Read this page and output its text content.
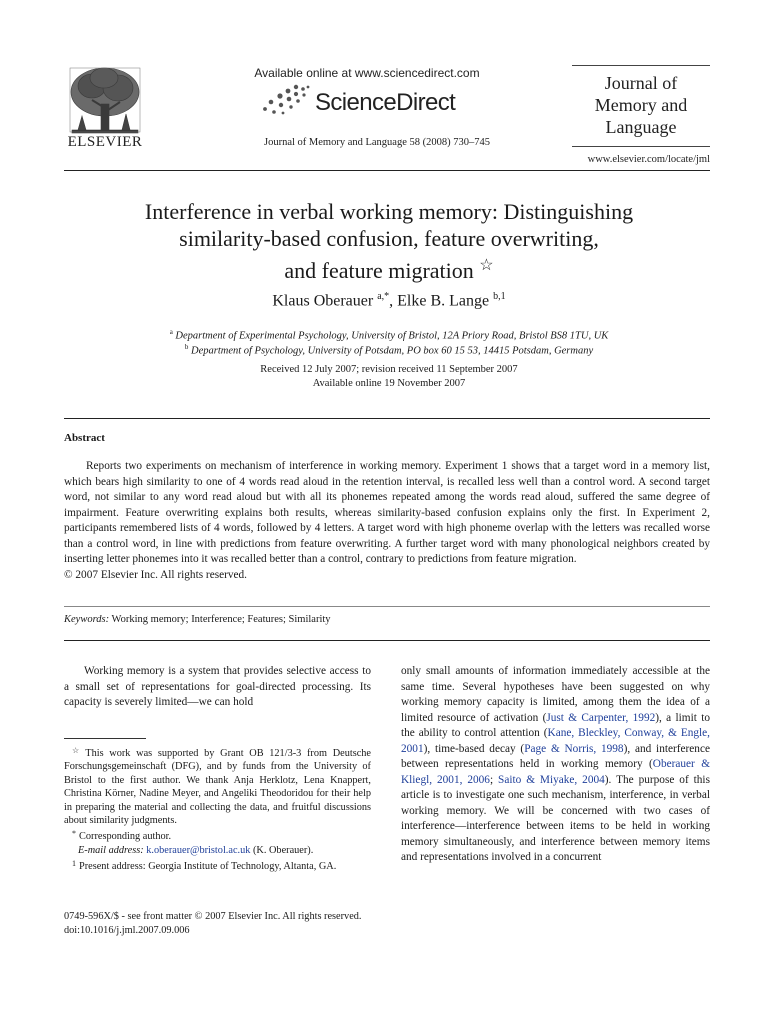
ELSEVIER
Available online at www.sciencedirect.com
ScienceDirect
Journal of Memory and Language 58 (2008) 730–745
Journal of
Memory and
Language
www.elsevier.com/locate/jml
Interference in verbal working memory: Distinguishing
similarity-based confusion, feature overwriting,
and feature migration ☆
Klaus Oberauer $^{a,*}$, Elke B. Lange $^{b,1}$
$^a$ Department of Experimental Psychology, University of Bristol, 12A Priory Road, Bristol BS8 1TU, UK
$^b$ Department of Psychology, University of Potsdam, PO box 60 15 53, 14415 Potsdam, Germany
Received 12 July 2007; revision received 11 September 2007
Available online 19 November 2007
Abstract

Reports two experiments on mechanism of interference in working memory. Experiment 1 shows that a target word in a memory list, which bears high similarity to one of 4 words read aloud in the retention interval, is recalled less well than a control word. A second target word, not similar to any word read aloud but with all its phonemes repeated among the words read aloud, suffered the same degree of impairment. Feature overwriting explains both results, whereas similarity-based confusion explains only the first. In Experiment 2, participants remembered lists of 4 words, followed by 4 letters. A target word with high phoneme overlap with the letters was recalled worse than a control word, in line with predictions from feature overwriting. A further target word with many phonological neighbors created by inserting letter phonemes into it was recalled better than a control, contrary to predictions from feature migration.

© 2007 Elsevier Inc. All rights reserved.

Keywords: Working memory; Interference; Features; Similarity

Working memory is a system that provides selective access to a small set of representations for goal-directed processing. Its capacity is severely limited—we can hold

☆ This work was supported by Grant OB 121/3-3 from Deutsche Forschungsgemeinschaft (DFG), and by funds from the University of Bristol to the first author. We thank Anja Herklotz, Lena Knappert, Christina Körner, Nadine Meyer, and Angeliki Theodoridou for their help in preparing the material and collecting the data, and fruitful discussions about similarity judgments.

* Corresponding author.

E-mail address: k.oberauer@bristol.ac.uk (K. Oberauer).

$^1$ Present address: Georgia Institute of Technology, Altanta, GA.

only small amounts of information immediately accessible at the same time. Several hypotheses have been suggested on why working memory capacity is limited, among them the idea of a limited resource of activation (Just & Carpenter, 1992), a limit to the ability to control attention (Kane, Bleckley, Conway, & Engle, 2001), time-based decay (Page & Norris, 1998), and interference between representations held in working memory (Oberauer & Kliegl, 2001, 2006; Saito & Miyake, 2004). The purpose of this article is to investigate one such mechanism, interference, in verbal working memory. We will be concerned with two cases of interference—interference between items to be held in working memory simultaneously, and interference between memory items and representations involved in a concurrent

0749-596X/$ - see front matter © 2007 Elsevier Inc. All rights reserved.
doi:10.1016/j.jml.2007.09.006
